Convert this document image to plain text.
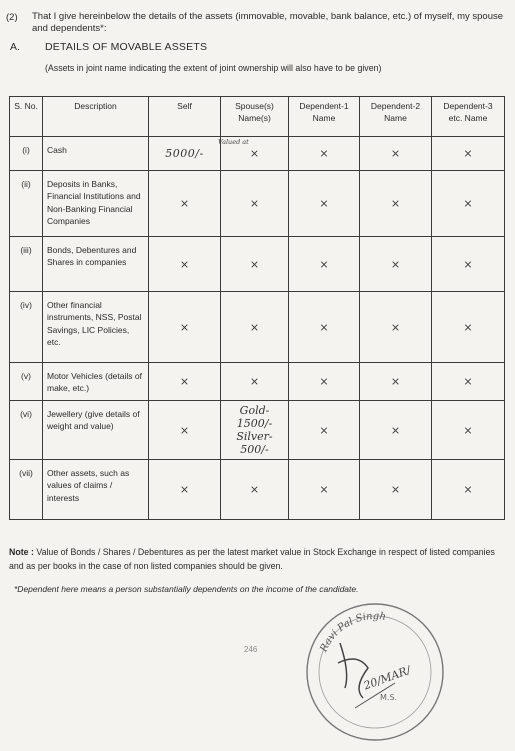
(2) That I give hereinbelow the details of the assets (immovable, movable, bank balance, etc.) of myself, my spouse and dependents*:
A. DETAILS OF MOVABLE ASSETS
(Assets in joint name indicating the extent of joint ownership will also have to be given)
S. No.	Description	Self	Spouse(s) Name(s)	Dependent-1 Name	Dependent-2 Name	Dependent-3 etc. Name
(i)	Cash	5000/-	×	×	×	×
(ii)	Deposits in Banks, Financial Institutions and Non-Banking Financial Companies	×	×	×	×	×
(iii)	Bonds, Debentures and Shares in companies	×	×	×	×	×
(iv)	Other financial instruments, NSS, Postal Savings, LIC Policies, etc.	×	×	×	×	×
(v)	Motor Vehicles (details of make, etc.)	×	×	×	×	×
(vi)	Jewellery (give details of weight and value)	×	Gold- 1500/- Silver- 500/-	×	×	×
(vii)	Other assets, such as values of claims / interests	×	×	×	×	×
Valued at
Note : Value of Bonds / Shares / Debentures as per the latest market value in Stock Exchange in respect of listed companies and as per books in the case of non listed companies should be given.
*Dependent here means a person substantially dependents on the income of the candidate.
246	Ravi Pal Singh
20/MAR/
M.S.
